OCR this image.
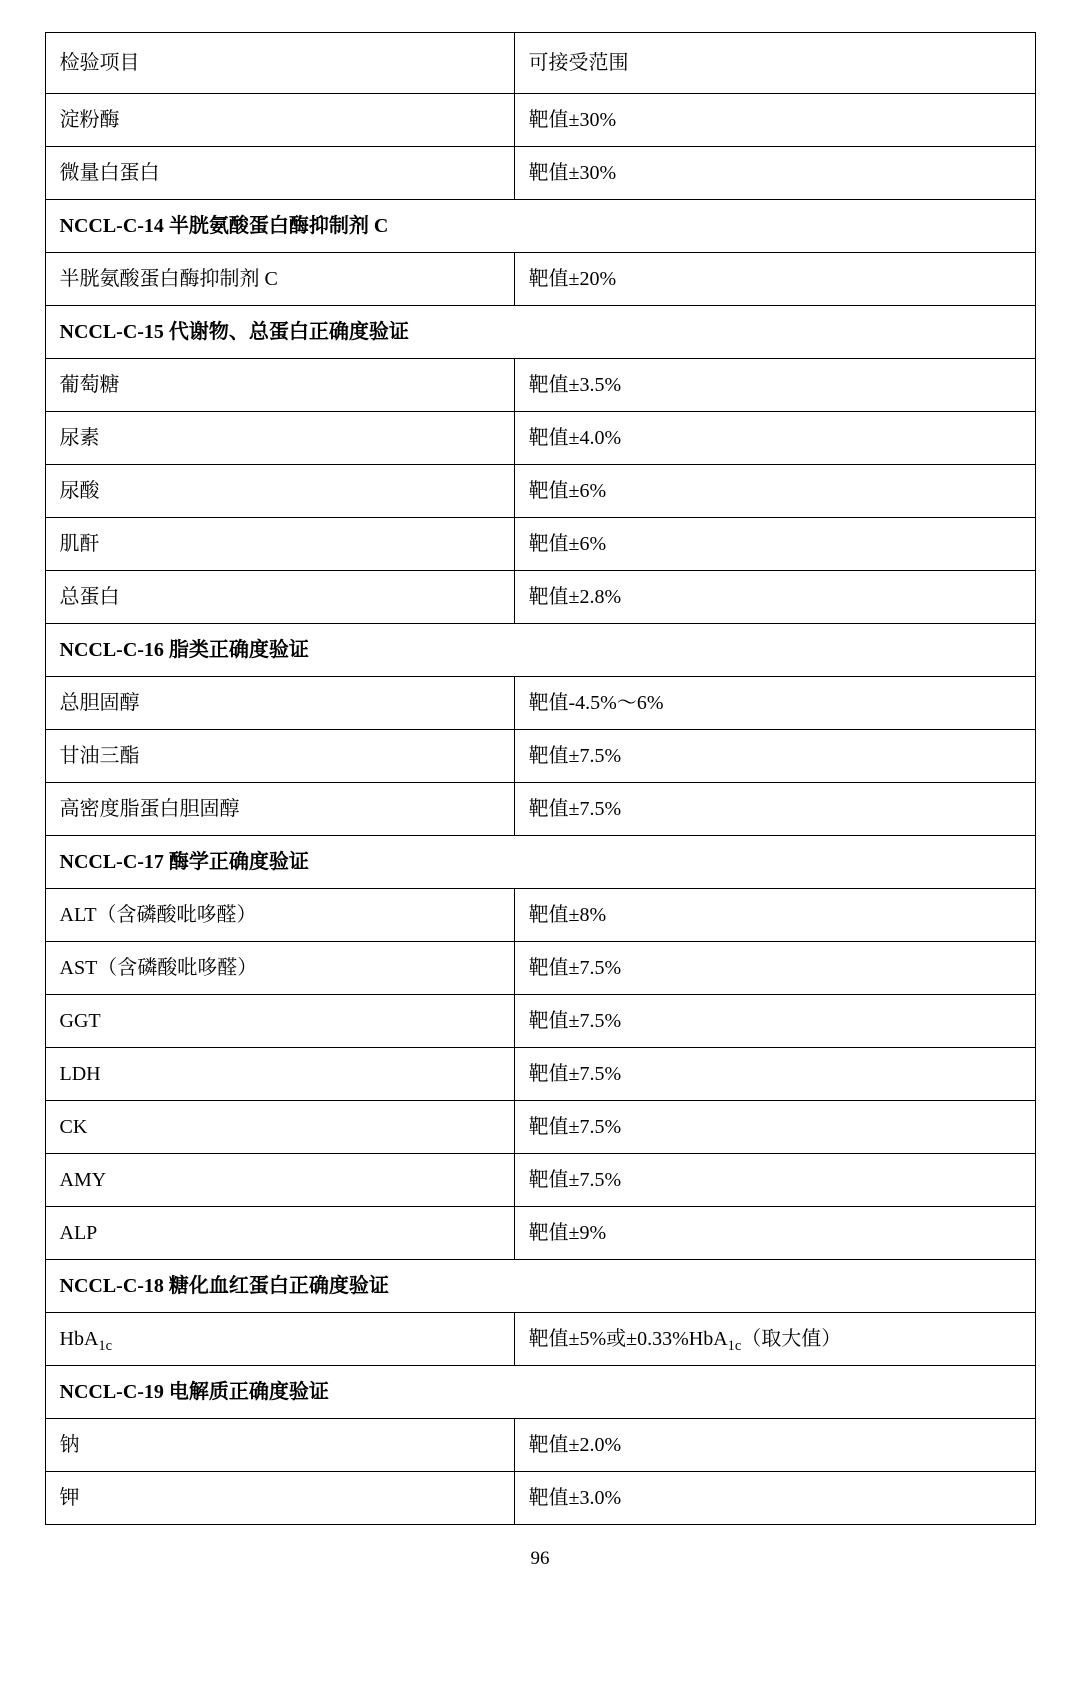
检验项目	可接受范围
淀粉酶	靶值±30%
微量白蛋白	靶值±30%
NCCL-C-14 半胱氨酸蛋白酶抑制剂 C	
半胱氨酸蛋白酶抑制剂 C	靶值±20%
NCCL-C-15 代谢物、总蛋白正确度验证	
葡萄糖	靶值±3.5%
尿素	靶值±4.0%
尿酸	靶值±6%
肌酐	靶值±6%
总蛋白	靶值±2.8%
NCCL-C-16 脂类正确度验证	
总胆固醇	靶值-4.5%～6%
甘油三酯	靶值±7.5%
高密度脂蛋白胆固醇	靶值±7.5%
NCCL-C-17 酶学正确度验证	
ALT（含磷酸吡哆醛）	靶值±8%
AST（含磷酸吡哆醛）	靶值±7.5%
GGT	靶值±7.5%
LDH	靶值±7.5%
CK	靶值±7.5%
AMY	靶值±7.5%
ALP	靶值±9%
NCCL-C-18 糖化血红蛋白正确度验证	
HbA$_{1c}$	靶值±5%或±0.33%HbA$_{1c}$（取大值）
NCCL-C-19 电解质正确度验证	
钠	靶值±2.0%
钾	靶值±3.0%
96
